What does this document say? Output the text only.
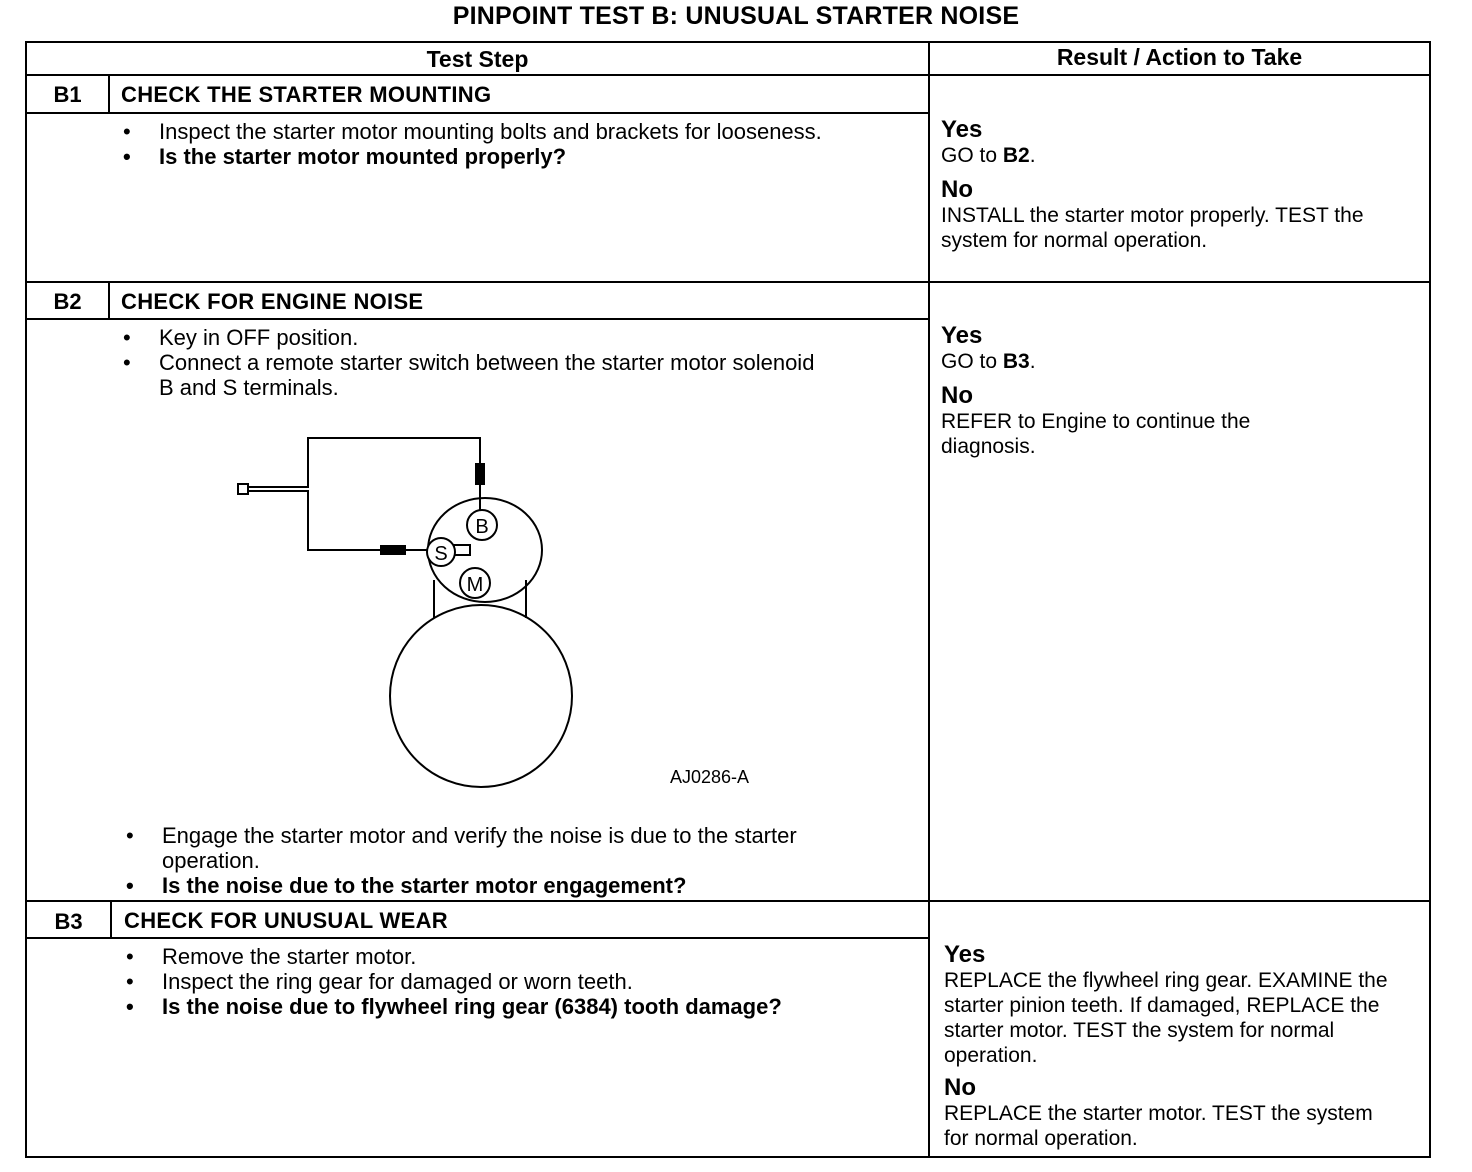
PINPOINT TEST B: UNUSUAL STARTER NOISE
Test Step	Result / Action to Take
B1	CHECK THE STARTER MOUNTING
• Inspect the starter motor mounting bolts and brackets for looseness.
• Is the starter motor mounted properly?
Yes
GO to B2.
No
INSTALL the starter motor properly. TEST the system for normal operation.
B2	CHECK FOR ENGINE NOISE
• Key in OFF position.
• Connect a remote starter switch between the starter motor solenoid B and S terminals.
B
S
M
AJ0286-A
• Engage the starter motor and verify the noise is due to the starter operation.
• Is the noise due to the starter motor engagement?
Yes
GO to B3.
No
REFER to Engine to continue the diagnosis.
B3	CHECK FOR UNUSUAL WEAR
• Remove the starter motor.
• Inspect the ring gear for damaged or worn teeth.
• Is the noise due to flywheel ring gear (6384) tooth damage?
Yes
REPLACE the flywheel ring gear. EXAMINE the starter pinion teeth. If damaged, REPLACE the starter motor. TEST the system for normal operation.
No
REPLACE the starter motor. TEST the system for normal operation.
